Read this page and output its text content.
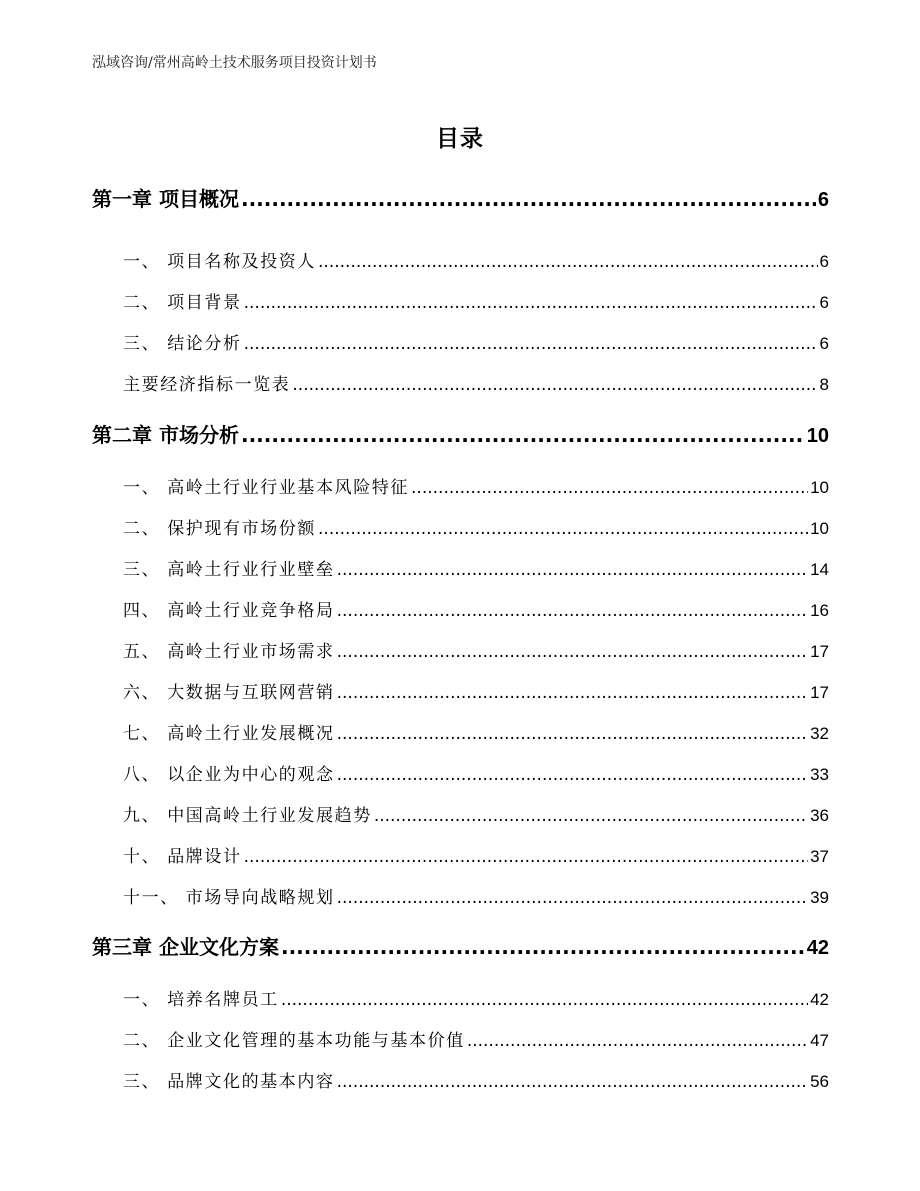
泓域咨询/常州高岭土技术服务项目投资计划书
目录
第一章 项目概况 .....	6
一、 项目名称及投资人 .....	6
二、 项目背景 .....	6
三、 结论分析 .....	6
主要经济指标一览表 .....	8
第二章 市场分析 .....	10
一、 高岭土行业行业基本风险特征 .....	10
二、 保护现有市场份额 .....	10
三、 高岭土行业行业壁垒 .....	14
四、 高岭土行业竞争格局 .....	16
五、 高岭土行业市场需求 .....	17
六、 大数据与互联网营销 .....	17
七、 高岭土行业发展概况 .....	32
八、 以企业为中心的观念 .....	33
九、 中国高岭土行业发展趋势 .....	36
十、 品牌设计 .....	37
十一、 市场导向战略规划 .....	39
第三章 企业文化方案 .....	42
一、 培养名牌员工 .....	42
二、 企业文化管理的基本功能与基本价值 .....	47
三、 品牌文化的基本内容 .....	56
